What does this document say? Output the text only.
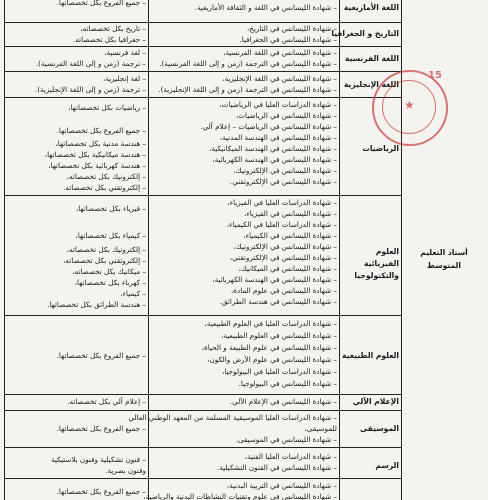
اللغة الأمازيغية
– شهادة الليسانس في اللغة و الثقافة الأمازيغية.
– جميع الفروع بكل تخصصاتها.
التاريخ و الجغرافيا
– شهادة الليسانس في التاريخ،
– شهادة الليسانس في الجغرافيا.
– تاريخ بكل تخصصاته،
– جغرافيا بكل تخصصاته.
اللغة الفرنسية
– شهادة الليسانس في اللغة الفرنسية،
– شهادة الليسانس في الترجمة (زمن و إلى اللغة الفرنسية).
– لغة فرنسية،
– ترجمة (زمن و إلى اللغة الفرنسية).
اللغة الإنجليزية
– شهادة الليسانس في اللغة الإنجليزية،
– شهادة الليسانس في الترجمة (زمن و إلى اللغة الإنجليزية).
– لغة إنجليزية،
– ترجمة (زمن و إلى اللغة الإنجليزية).
الرياضيات
– شهادة الدراسات العليا في الرياضيات،
– شهادة الليسانس في الرياضيات،
– شهادة الليسانس في الرياضيات – إعلام آلي.
– شهادة الليسانس في الهندسة المدنية،
– شهادة الليسانس في الهندسة الميكانيكية،
– شهادة الليسانس في الهندسة الكهربائية،
– شهادة الليسانس في الإلكترونيك،
– شهادة الليسانس في الإلكتروتقني.
– رياضيات بكل تخصصاتها،
– جميع الفروع بكل تخصصاتها.
– هندسة مدنية بكل تخصصاتها،
– هندسة ميكانيكية بكل تخصصاتها،
– هندسة كهربائية بكل تخصصاتها،
– إلكترونيك بكل تخصصاته،
– إلكتروتقني بكل تخصصاته.
العلوم الفيزيائية والتكنولوجيا
– شهادة الدراسات العليا في الفيزياء،
– شهادة الليسانس في الفيزياء،
– شهادة الدراسات العليا في الكيمياء،
– شهادة الليسانس في الكيمياء،
– شهادة الليسانس في الإلكترونيك،
– شهادة الليسانس في الإلكتروتقني،
– شهادة الليسانس في الميكانيك،
– شهادة الليسانس في الهندسة الكهربائية،
– شهادة الليسانس في علوم المادة،
– شهادة الليسانس في هندسة الطرائق.
– فيزياء بكل تخصصاتها،
– كيمياء بكل تخصصاتها،
– إلكترونيك بكل تخصصاته،
– إلكتروتقني بكل تخصصاته،
– ميكانيك بكل تخصصاته،
– كهرباء بكل تخصصاتها،
– كيمياء،
– هندسة الطرائق بكل تخصصاتها.
العلوم الطبيعية
– شهادة الدراسات العليا في العلوم الطبيعية،
– شهادة الليسانس في العلوم الطبيعية،
– شهادة الليسانس في علوم الطبيعة و الحياة،
– شهادة الليسانس في علوم الأرض والكون،
– شهادة الدراسات العليا في البيولوجيا،
– شهادة الليسانس في البيولوجيا.
– جميع الفروع بكل تخصصاتها.
الإعلام الآلي
– شهادة الليسانس في الإعلام الآلي.
– إعلام آلي بكل تخصصاته.
الموسيقى
– شهادة الدراسات العليا الموسيقية المسلمة من المعهد الوطني العالي
للموسيقى،
– شهادة الليسانس في الموسيقى.
– جميع الفروع بكل تخصصاتها.
الرسم
– شهادة الدراسات العليا الفنية،
– شهادة الليسانس في الفنون التشكيلية.
– فنون تشكيلية وفنون بلاستيكية
وفنون بصرية.
– شهادة الليسانس في التربية البدنية،
– شهادة الليسانس في علوم وتقنيات النشاطات البدنية والرياضية،
– جميع الفروع بكل تخصصاتها.
أستاذ التعليم المتوسط
15
★
